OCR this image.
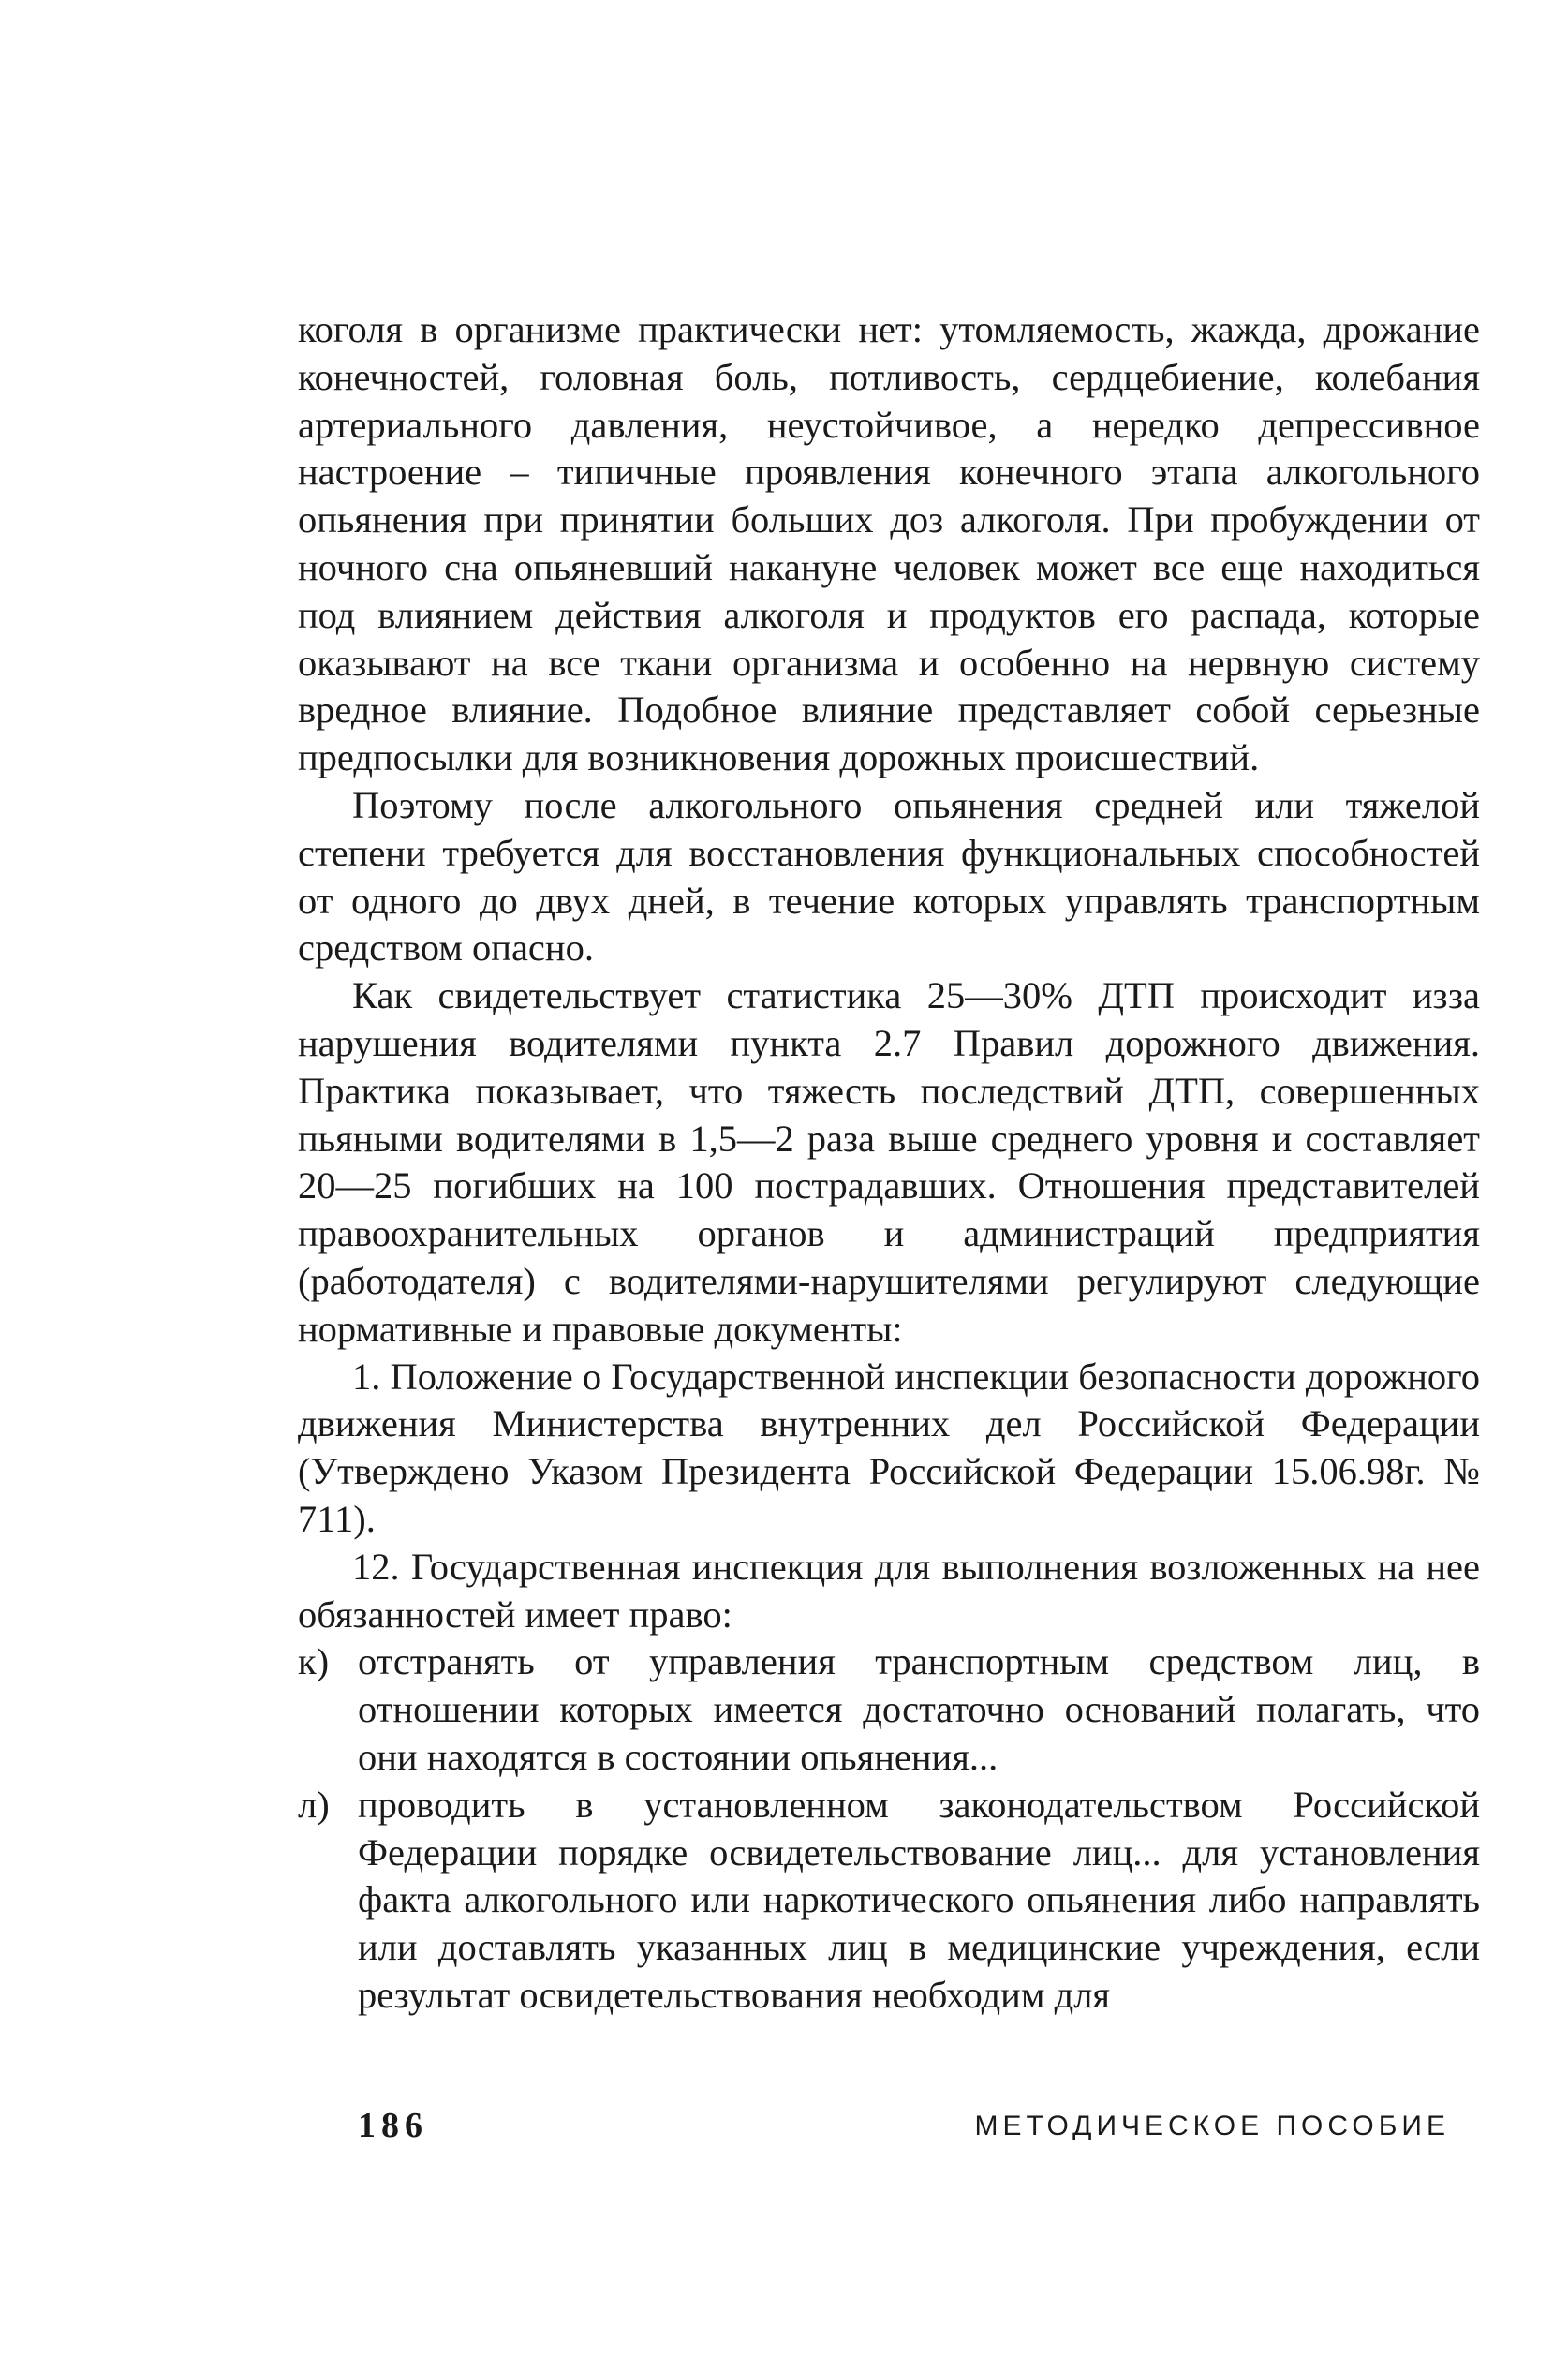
коголя в организме практически нет: утомляемость, жажда, дрожание конечностей, головная боль, потливость, сердцебиение, колебания артериального давления, неустойчивое, а нередко депрессивное настроение – типичные проявления конечного этапа алкогольного опьянения при принятии больших доз алкоголя. При пробуждении от ночного сна опьяневший накануне человек может все еще находиться под влиянием действия алкоголя и продуктов его распада, которые оказывают на все ткани организма и особенно на нервную систему вредное влияние. Подобное влияние представляет собой серьезные предпосылки для возникновения дорожных происшествий.

Поэтому после алкогольного опьянения средней или тяжелой степени требуется для восстановления функциональных способностей от одного до двух дней, в течение которых управлять транспортным средством опасно.

Как свидетельствует статистика 25—30% ДТП происходит изза нарушения водителями пункта 2.7 Правил дорожного движения. Практика показывает, что тяжесть последствий ДТП, совершенных пьяными водителями в 1,5—2 раза выше среднего уровня и составляет 20—25 погибших на 100 пострадавших. Отношения представителей правоохранительных органов и администраций предприятия (работодателя) с водителями-нарушителями регулируют следующие нормативные и правовые документы:

1. Положение о Государственной инспекции безопасности дорожного движения Министерства внутренних дел Российской Федерации (Утверждено Указом Президента Российской Федерации 15.06.98г. № 711).

12. Государственная инспекция для выполнения возложенных на нее обязанностей имеет право:

к) отстранять от управления транспортным средством лиц, в отношении которых имеется достаточно оснований полагать, что они находятся в состоянии опьянения...
л) проводить в установленном законодательством Российской Федерации порядке освидетельствование лиц... для установления факта алкогольного или наркотического опьянения либо направлять или доставлять указанных лиц в медицинские учреждения, если результат освидетельствования необходим для
186	МЕТОДИЧЕСКОЕ ПОСОБИЕ
